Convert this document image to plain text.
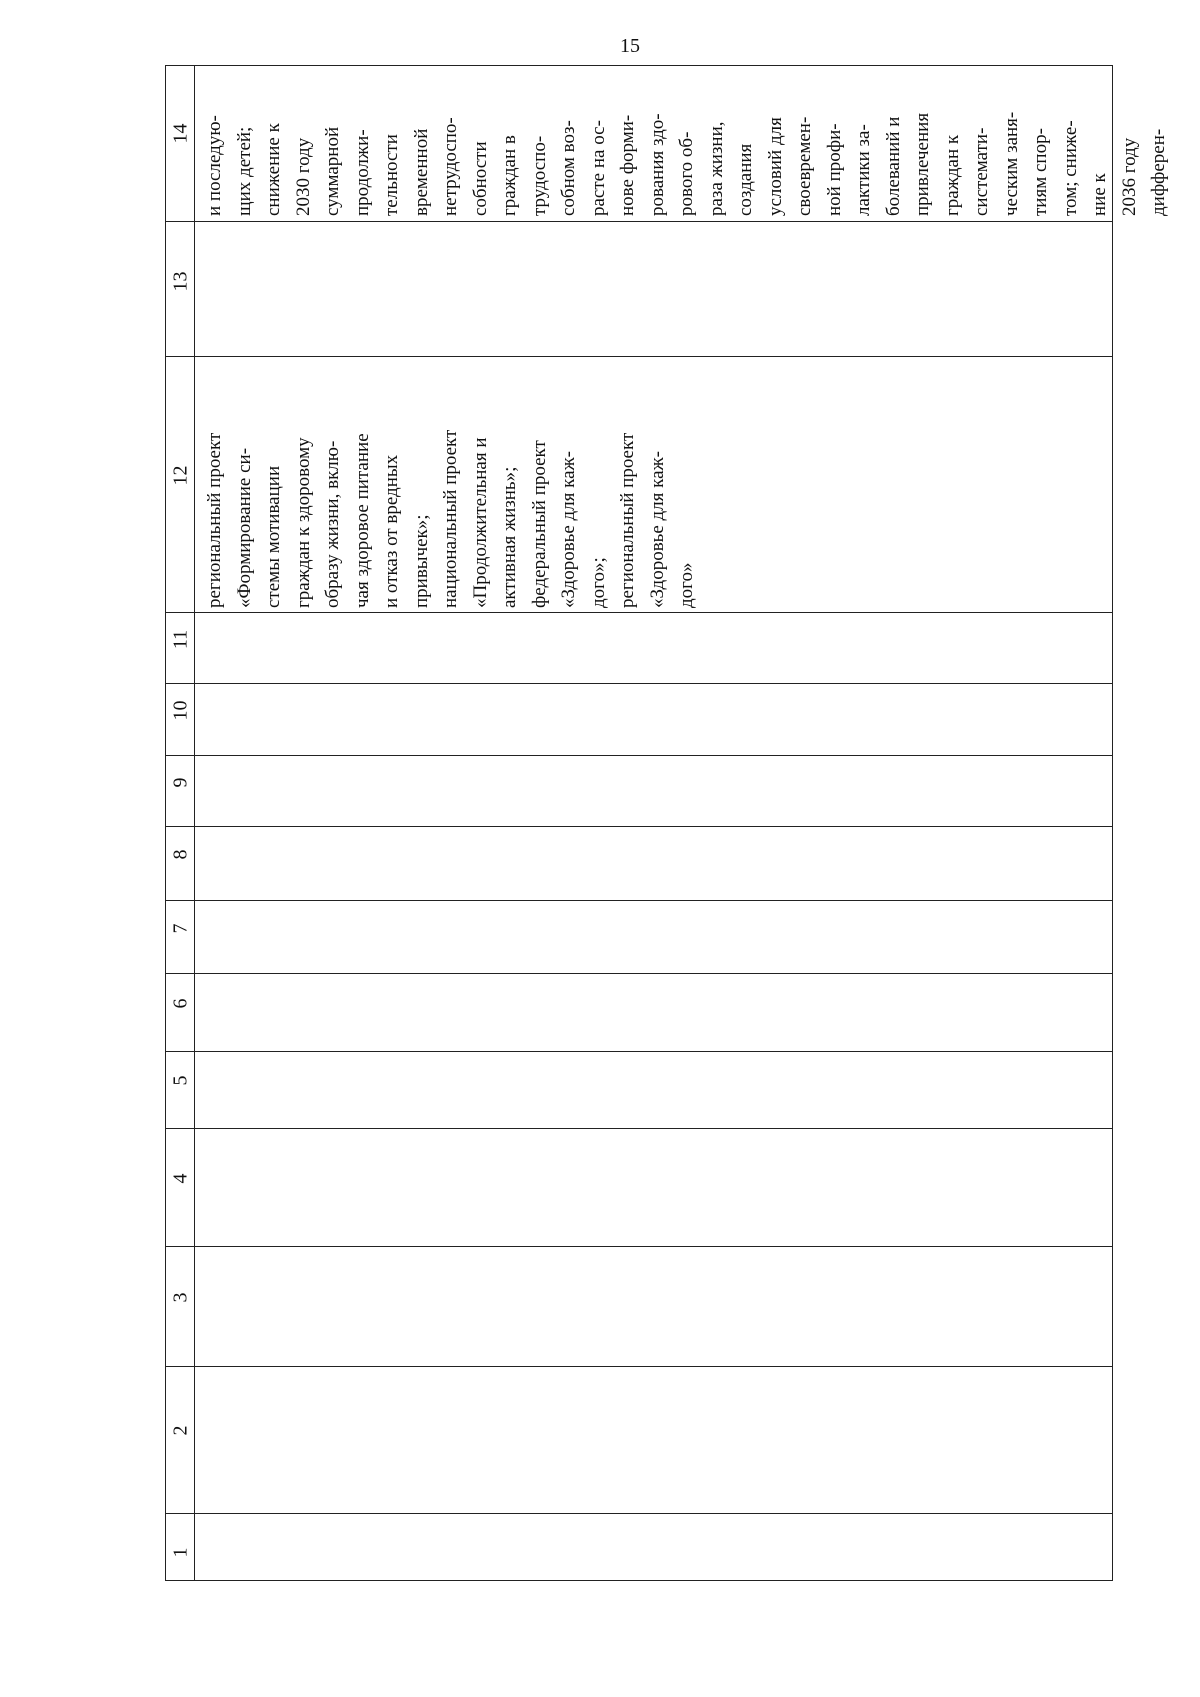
15
14
13
12
11
10
9
8
7
6
5
4
3
2
1
и последую- щих детей; снижение к 2030 году суммарной продолжи- тельности временной нетрудоспо- собности граждан в трудоспо- собном воз- расте на ос- нове форми- рования здо- рового об- раза жизни, создания условий для своевремен- ной профи- лактики за- болеваний и привлечения граждан к системати- ческим заня- тиям спор- том; сниже- ние к 2036 году дифферен-
региональный проект «Формирование си- стемы мотивации граждан к здоровому образу жизни, вклю- чая здоровое питание и отказ от вредных привычек»; национальный проект «Продолжительная и активная жизнь»; федеральный проект «Здоровье для каж- дого»; региональный проект «Здоровье для каж- дого»
